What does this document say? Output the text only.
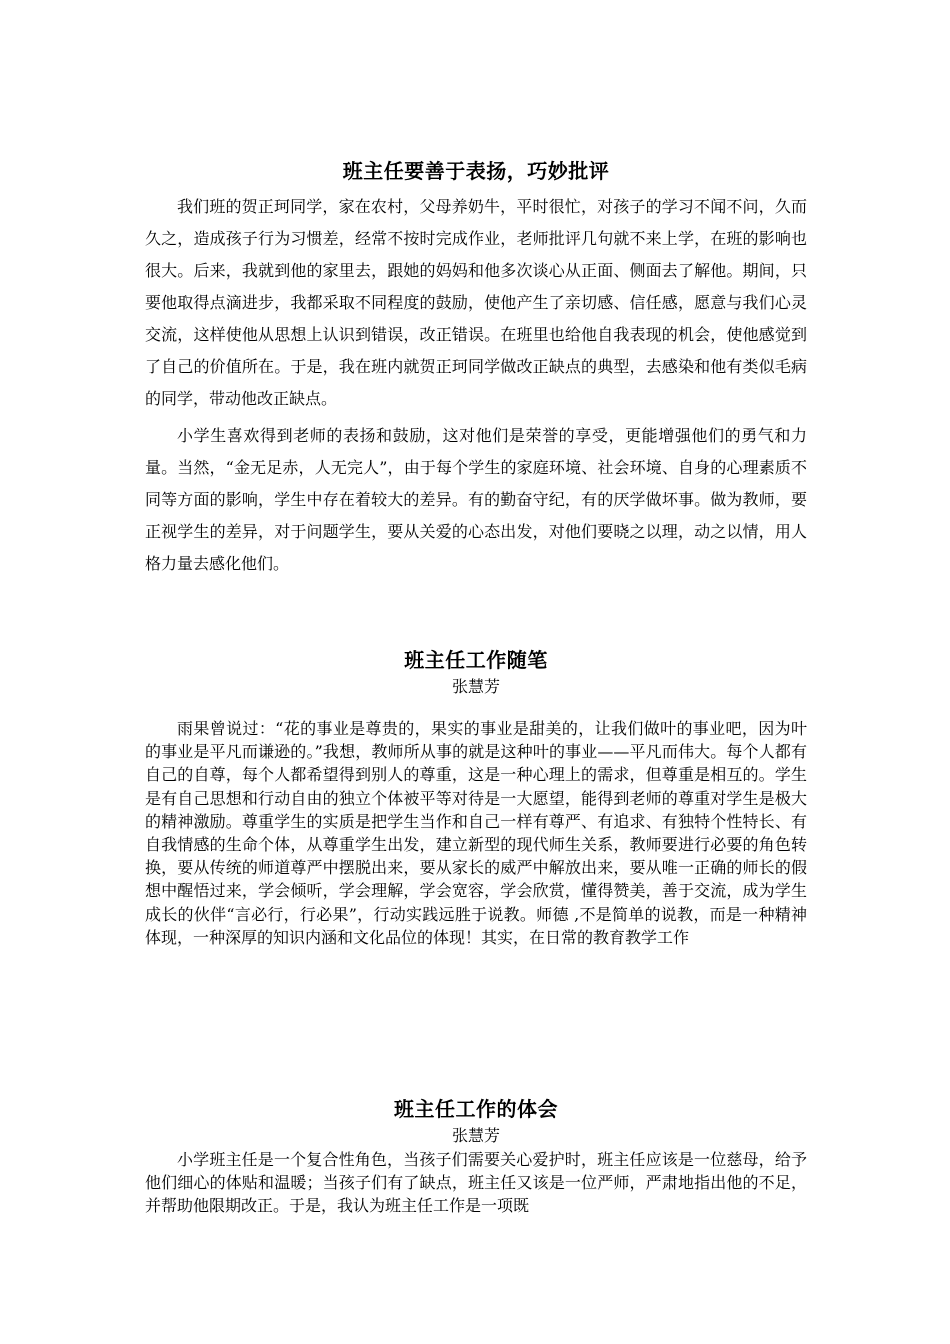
班主任要善于表扬，巧妙批评

我们班的贺正珂同学，家在农村，父母养奶牛，平时很忙，对孩子的学习不闻不问，久而久之，造成孩子行为习惯差，经常不按时完成作业，老师批评几句就不来上学，在班的影响也很大。后来，我就到他的家里去，跟她的妈妈和他多次谈心从正面、侧面去了解他。期间，只要他取得点滴进步，我都采取不同程度的鼓励，使他产生了亲切感、信任感，愿意与我们心灵交流，这样使他从思想上认识到错误，改正错误。在班里也给他自我表现的机会，使他感觉到了自己的价值所在。于是，我在班内就贺正珂同学做改正缺点的典型，去感染和他有类似毛病的同学，带动他改正缺点。

小学生喜欢得到老师的表扬和鼓励，这对他们是荣誉的享受，更能增强他们的勇气和力量。当然，“金无足赤，人无完人”，由于每个学生的家庭环境、社会环境、自身的心理素质不同等方面的影响，学生中存在着较大的差异。有的勤奋守纪，有的厌学做坏事。做为教师，要正视学生的差异，对于问题学生，要从关爱的心态出发，对他们要晓之以理，动之以情，用人格力量去感化他们。

班主任工作随笔

张慧芳

雨果曾说过：“花的事业是尊贵的，果实的事业是甜美的，让我们做叶的事业吧，因为叶的事业是平凡而谦逊的。”我想，教师所从事的就是这种叶的事业——平凡而伟大。每个人都有自己的自尊，每个人都希望得到别人的尊重，这是一种心理上的需求，但尊重是相互的。学生是有自己思想和行动自由的独立个体被平等对待是一大愿望，能得到老师的尊重对学生是极大的精神激励。尊重学生的实质是把学生当作和自己一样有尊严、有追求、有独特个性特长、有自我情感的生命个体，从尊重学生出发，建立新型的现代师生关系，教师要进行必要的角色转换，要从传统的师道尊严中摆脱出来，要从家长的威严中解放出来，要从唯一正确的师长的假想中醒悟过来，学会倾听，学会理解，学会宽容，学会欣赏，懂得赞美，善于交流，成为学生成长的伙伴“言必行，行必果”，行动实践远胜于说教。师德 ,不是简单的说教，而是一种精神体现，一种深厚的知识内涵和文化品位的体现！其实，在日常的教育教学工作

班主任工作的体会

张慧芳

小学班主任是一个复合性角色，当孩子们需要关心爱护时，班主任应该是一位慈母，给予他们细心的体贴和温暖；当孩子们有了缺点，班主任又该是一位严师，严肃地指出他的不足，并帮助他限期改正。于是，我认为班主任工作是一项既
